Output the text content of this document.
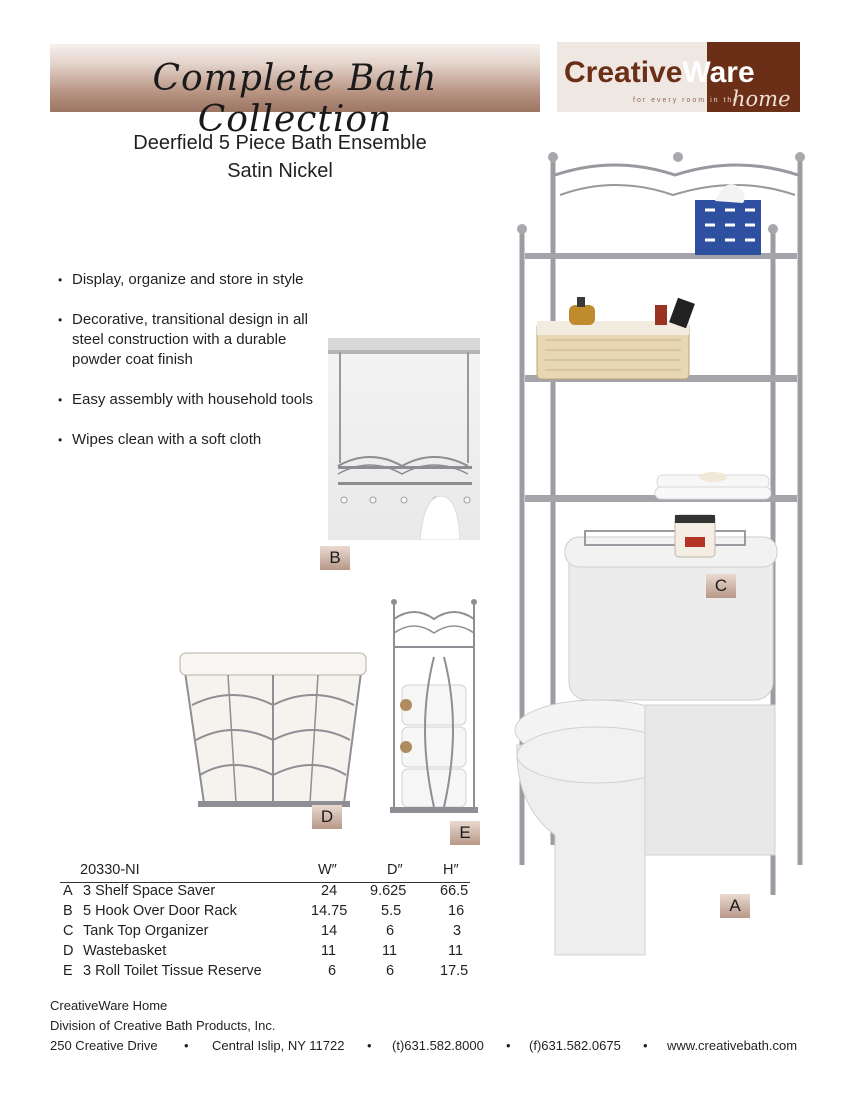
Complete Bath Collection
CreativeWare
for every room in the
home
Deerfield 5 Piece Bath Ensemble
Satin Nickel
• Display, organize and store in style
• Decorative, transitional design in all steel construction with a durable powder coat finish
• Easy assembly with household tools
• Wipes clean with a soft cloth
B
C
A
D
E
20330-NI	W″	D″	H″
A 3 Shelf Space Saver	24 9.625 66.5
B 5 Hook Over Door Rack	14.75 5.5	16
C Tank Top Organizer	14	6	3
D Wastebasket	11	11	11
E 3 Roll Toilet Tissue Reserve	6	6	17.5
CreativeWare Home
Division of Creative Bath Products, Inc.
250 Creative Drive • Central Islip, NY 11722 • (t)631.582.8000 • (f)631.582.0675 • www.creativebath.com
